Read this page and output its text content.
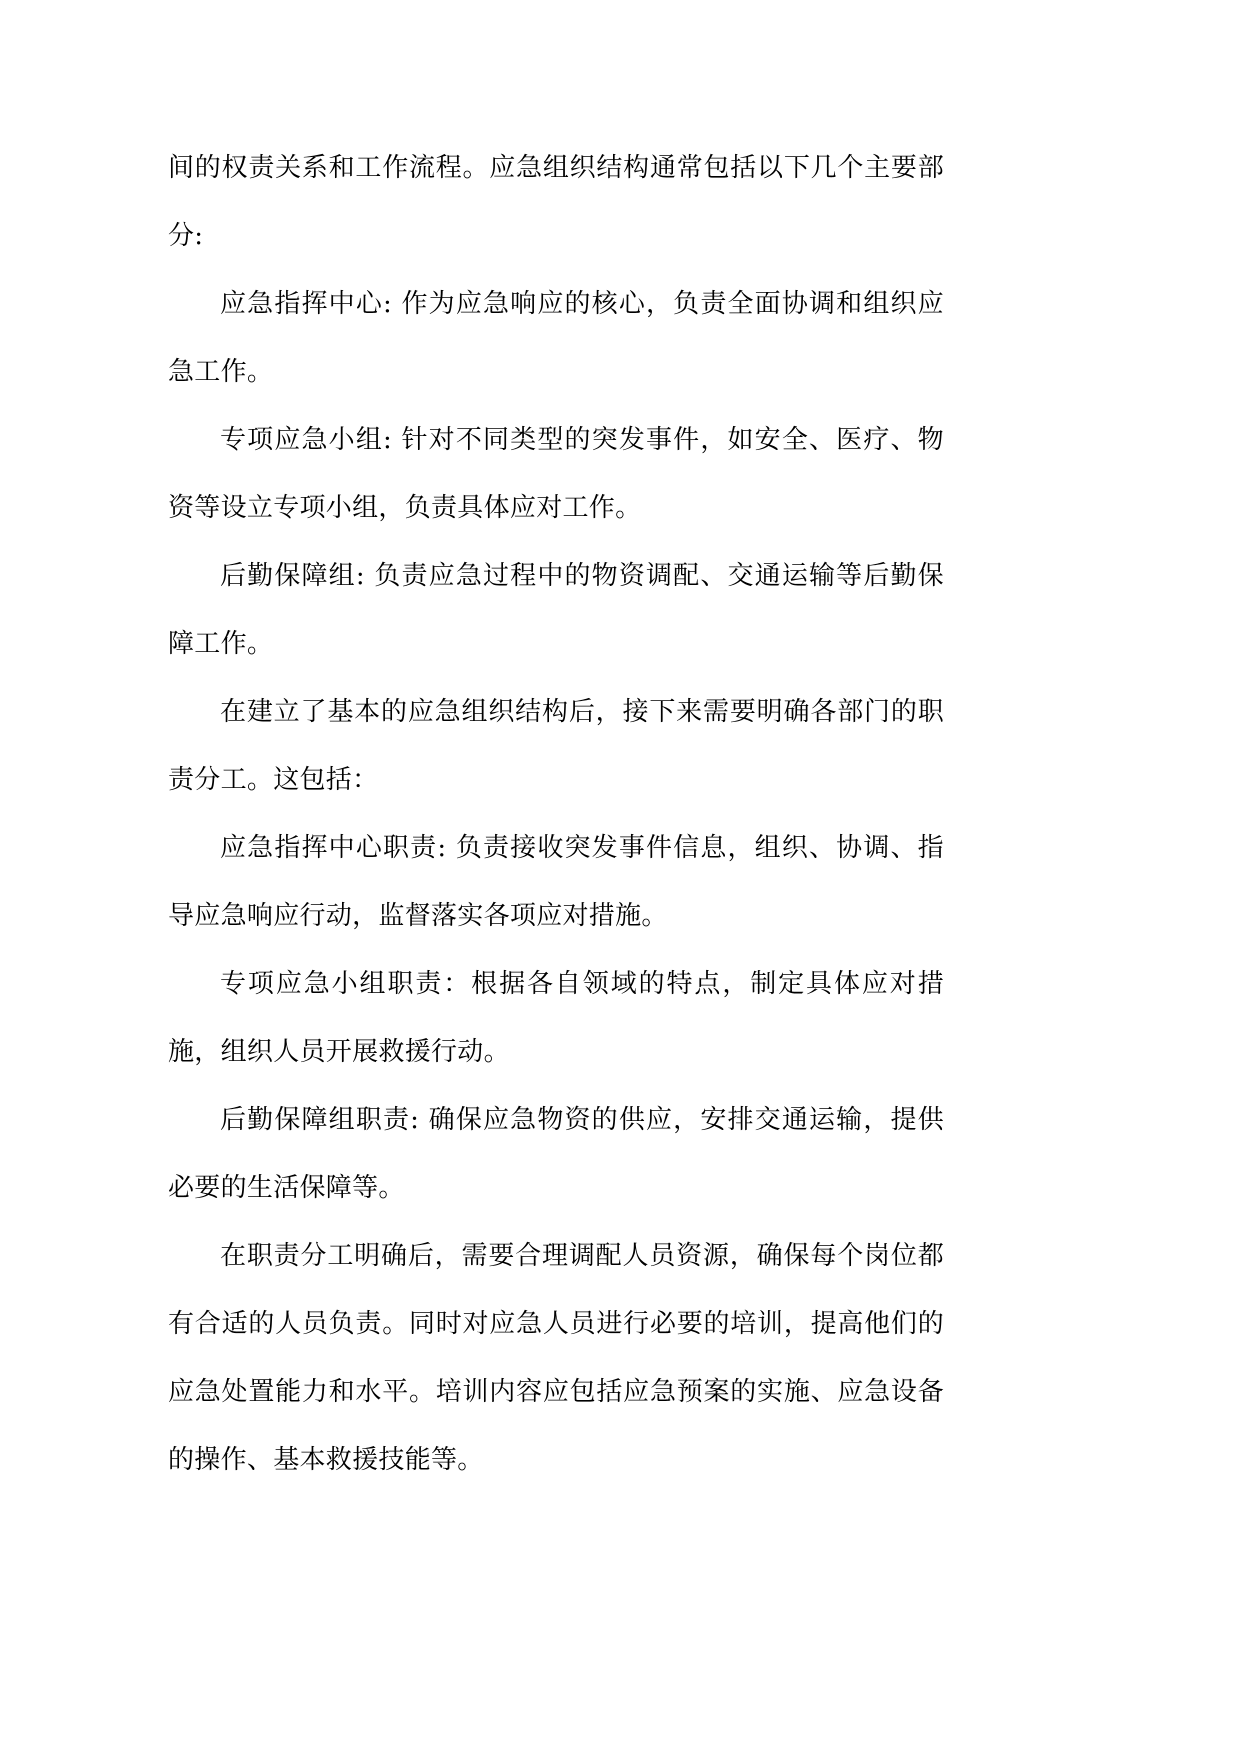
间的权责关系和工作流程。应急组织结构通常包括以下几个主要部分:

应急指挥中心: 作为应急响应的核心，负责全面协调和组织应急工作。

专项应急小组: 针对不同类型的突发事件，如安全、医疗、物资等设立专项小组，负责具体应对工作。

后勤保障组: 负责应急过程中的物资调配、交通运输等后勤保障工作。

在建立了基本的应急组织结构后，接下来需要明确各部门的职责分工。这包括：

应急指挥中心职责: 负责接收突发事件信息，组织、协调、指导应急响应行动，监督落实各项应对措施。

专项应急小组职责：根据各自领域的特点，制定具体应对措施，组织人员开展救援行动。

后勤保障组职责: 确保应急物资的供应，安排交通运输，提供必要的生活保障等。

在职责分工明确后，需要合理调配人员资源，确保每个岗位都有合适的人员负责。同时对应急人员进行必要的培训，提高他们的应急处置能力和水平。培训内容应包括应急预案的实施、应急设备的操作、基本救援技能等。
